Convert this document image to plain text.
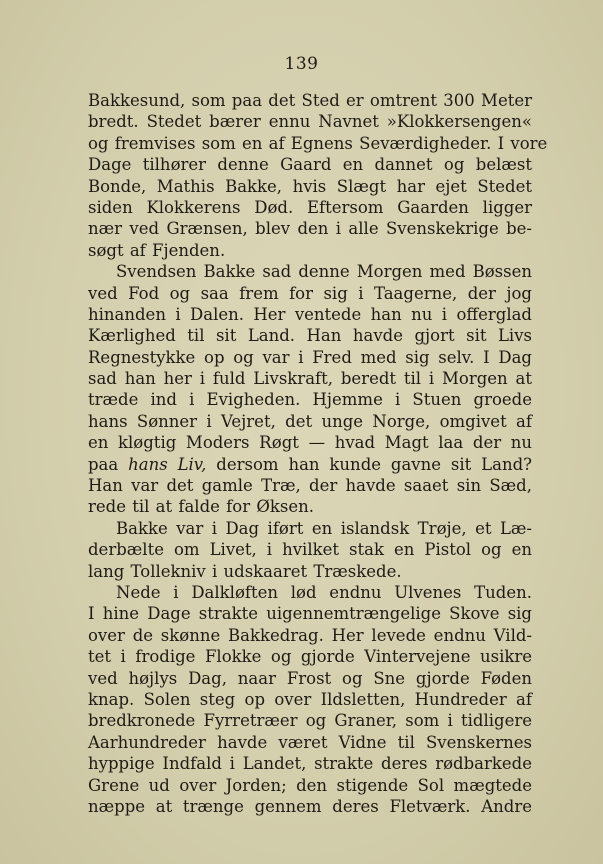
139
Bakkesund, som paa det Sted er omtrent 300 Meter
bredt. Stedet bærer ennu Navnet »Klokkersengen«
og fremvises som en af Egnens Seværdigheder. I vore
Dage tilhører denne Gaard en dannet og belæst
Bonde, Mathis Bakke, hvis Slægt har ejet Stedet
siden Klokkerens Død. Eftersom Gaarden ligger
nær ved Grænsen, blev den i alle Svenskekrige be-
søgt af Fjenden.
Svendsen Bakke sad denne Morgen med Bøssen
ved Fod og saa frem for sig i Taagerne, der jog
hinanden i Dalen. Her ventede han nu i offerglad
Kærlighed til sit Land. Han havde gjort sit Livs
Regnestykke op og var i Fred med sig selv. I Dag
sad han her i fuld Livskraft, beredt til i Morgen at
træde ind i Evigheden. Hjemme i Stuen groede
hans Sønner i Vejret, det unge Norge, omgivet af
en kløgtig Moders Røgt — hvad Magt laa der nu
paa hans Liv, dersom han kunde gavne sit Land?
Han var det gamle Træ, der havde saaet sin Sæd,
rede til at falde for Øksen.
Bakke var i Dag iført en islandsk Trøje, et Læ-
derbælte om Livet, i hvilket stak en Pistol og en
lang Tollekniv i udskaaret Træskede.
Nede i Dalkløften lød endnu Ulvenes Tuden.
I hine Dage strakte uigennemtrængelige Skove sig
over de skønne Bakkedrag. Her levede endnu Vild-
tet i frodige Flokke og gjorde Vintervejene usikre
ved højlys Dag, naar Frost og Sne gjorde Føden
knap. Solen steg op over Ildsletten, Hundreder af
bredkronede Fyrretræer og Graner, som i tidligere
Aarhundreder havde været Vidne til Svenskernes
hyppige Indfald i Landet, strakte deres rødbarkede
Grene ud over Jorden; den stigende Sol mægtede
næppe at trænge gennem deres Fletværk. Andre
